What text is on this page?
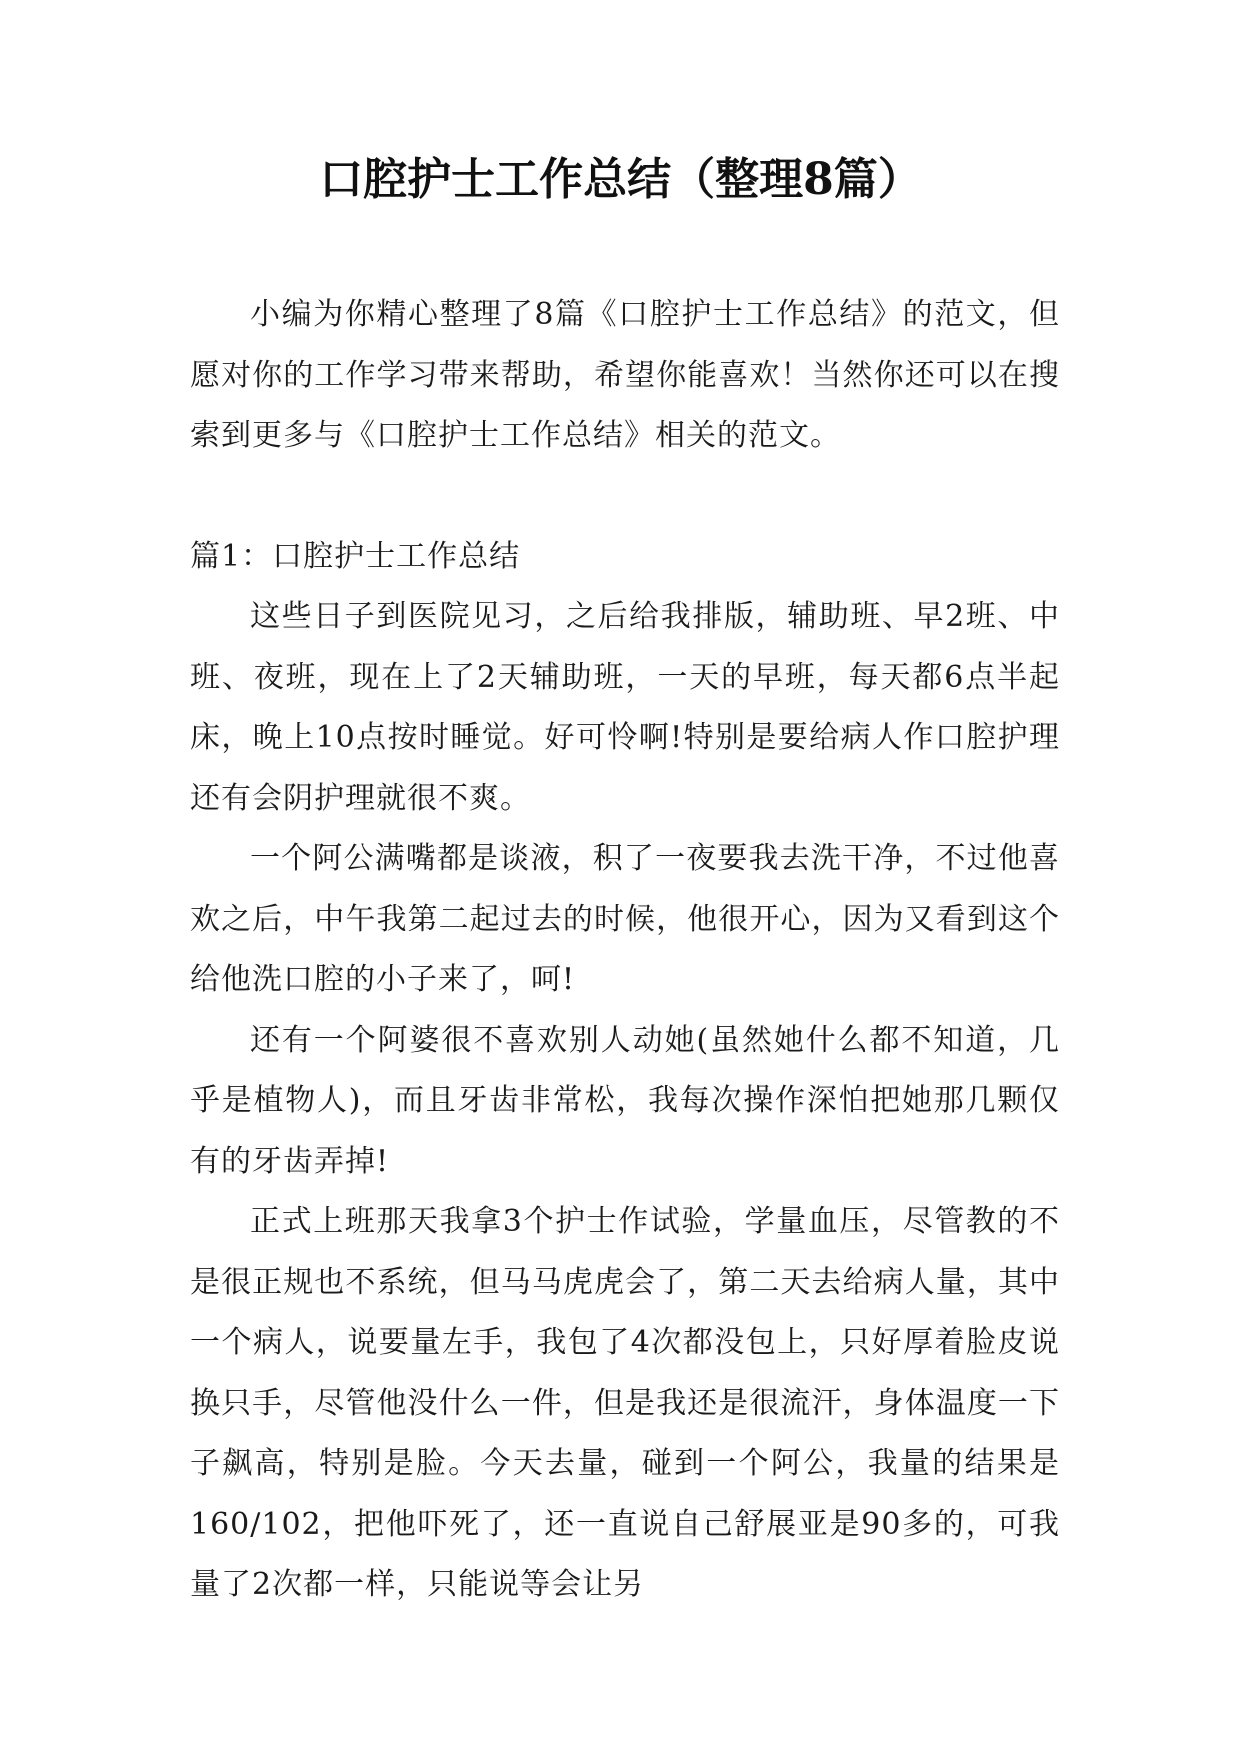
口腔护士工作总结（整理8篇）

小编为你精心整理了8篇《口腔护士工作总结》的范文，但愿对你的工作学习带来帮助，希望你能喜欢！当然你还可以在搜索到更多与《口腔护士工作总结》相关的范文。

篇1：口腔护士工作总结

这些日子到医院见习，之后给我排版，辅助班、早2班、中班、夜班，现在上了2天辅助班，一天的早班，每天都6点半起床，晚上10点按时睡觉。好可怜啊!特别是要给病人作口腔护理还有会阴护理就很不爽。

一个阿公满嘴都是谈液，积了一夜要我去洗干净，不过他喜欢之后，中午我第二起过去的时候，他很开心，因为又看到这个给他洗口腔的小子来了，呵!

还有一个阿婆很不喜欢别人动她(虽然她什么都不知道，几乎是植物人)，而且牙齿非常松，我每次操作深怕把她那几颗仅有的牙齿弄掉!

正式上班那天我拿3个护士作试验，学量血压，尽管教的不是很正规也不系统，但马马虎虎会了，第二天去给病人量，其中一个病人，说要量左手，我包了4次都没包上，只好厚着脸皮说换只手，尽管他没什么一件，但是我还是很流汗，身体温度一下子飙高，特别是脸。今天去量，碰到一个阿公，我量的结果是160/102，把他吓死了，还一直说自己舒展亚是90多的，可我量了2次都一样，只能说等会让另
